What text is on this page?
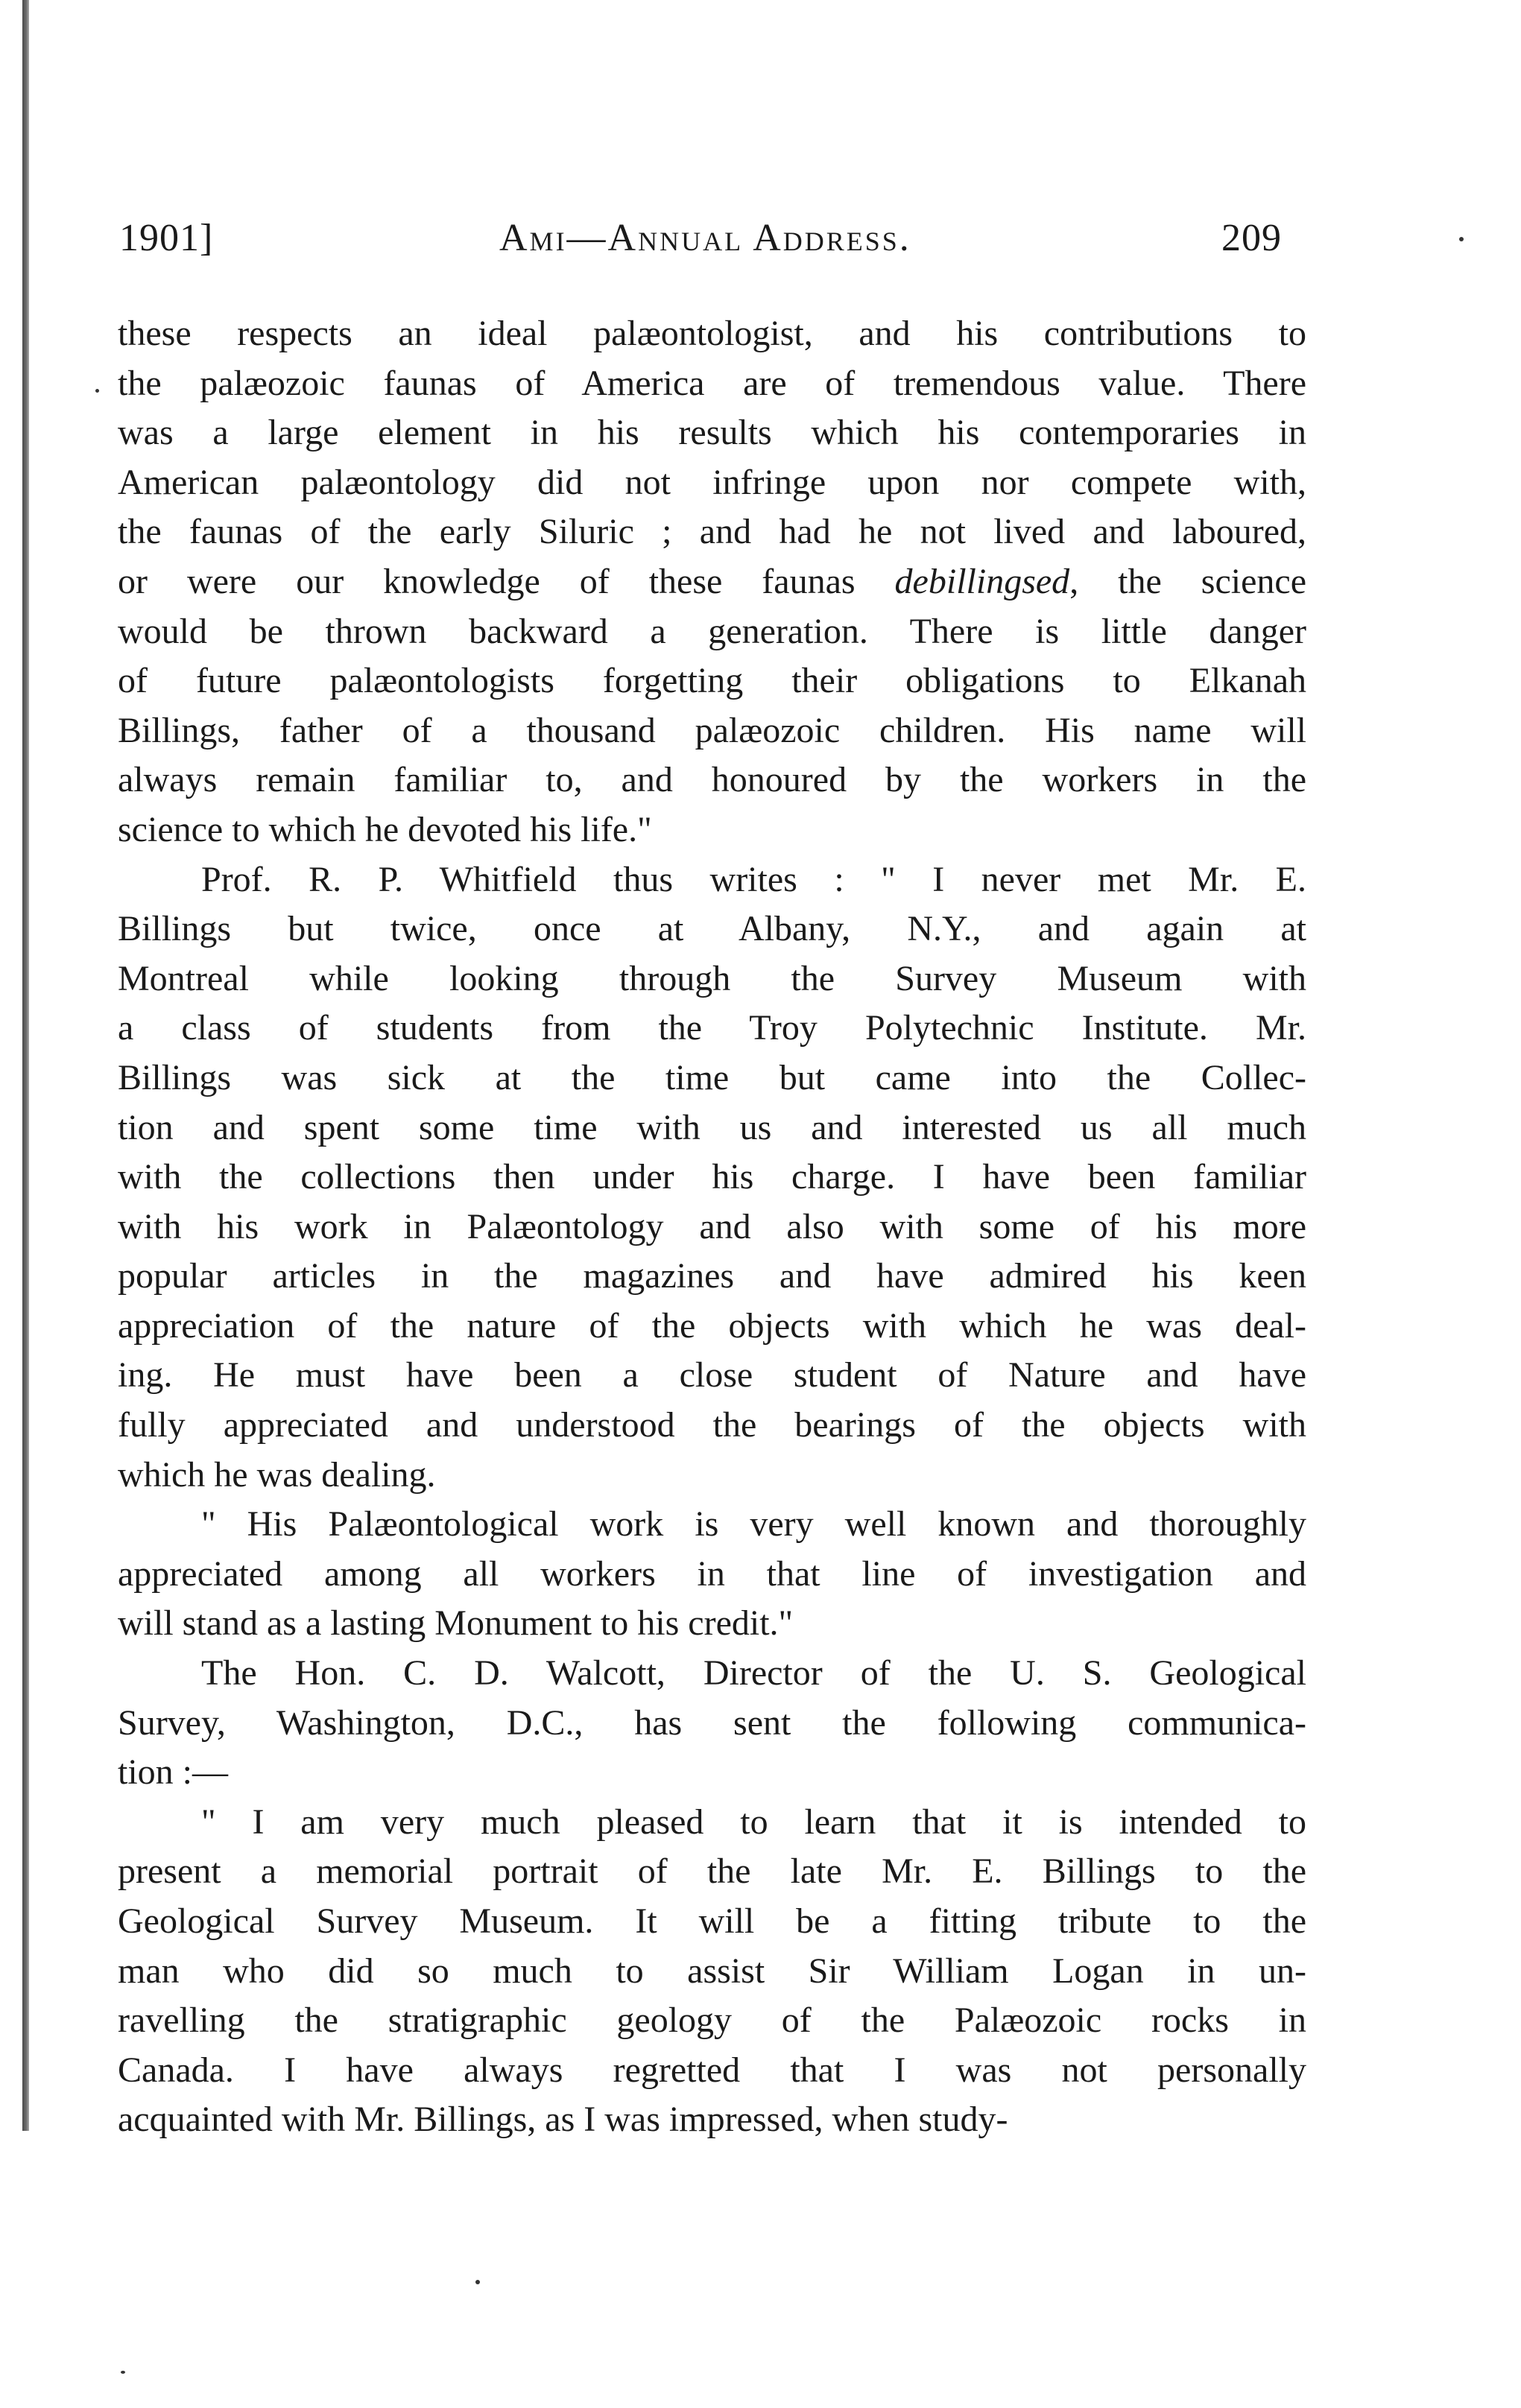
1901]	Ami—Annual Address.	209
these respects an ideal palæontologist, and his contributions to
the palæozoic faunas of America are of tremendous value. There
was a large element in his results which his contemporaries in
American palæontology did not infringe upon nor compete with,
the faunas of the early Siluric ; and had he not lived and laboured,
or were our knowledge of these faunas debillingsed, the science
would be thrown backward a generation. There is little danger
of future palæontologists forgetting their obligations to Elkanah
Billings, father of a thousand palæozoic children. His name will
always remain familiar to, and honoured by the workers in the
science to which he devoted his life."
Prof. R. P. Whitfield thus writes : " I never met Mr. E.
Billings but twice, once at Albany, N.Y., and again at
Montreal while looking through the Survey Museum with
a class of students from the Troy Polytechnic Institute. Mr.
Billings was sick at the time but came into the Collec-
tion and spent some time with us and interested us all much
with the collections then under his charge. I have been familiar
with his work in Palæontology and also with some of his more
popular articles in the magazines and have admired his keen
appreciation of the nature of the objects with which he was deal-
ing. He must have been a close student of Nature and have
fully appreciated and understood the bearings of the objects with
which he was dealing.
" His Palæontological work is very well known and thoroughly
appreciated among all workers in that line of investigation and
will stand as a lasting Monument to his credit."
The Hon. C. D. Walcott, Director of the U. S. Geological
Survey, Washington, D.C., has sent the following communica-
tion :—
" I am very much pleased to learn that it is intended to
present a memorial portrait of the late Mr. E. Billings to the
Geological Survey Museum. It will be a fitting tribute to the
man who did so much to assist Sir William Logan in un-
ravelling the stratigraphic geology of the Palæozoic rocks in
Canada. I have always regretted that I was not personally
acquainted with Mr. Billings, as I was impressed, when study-
